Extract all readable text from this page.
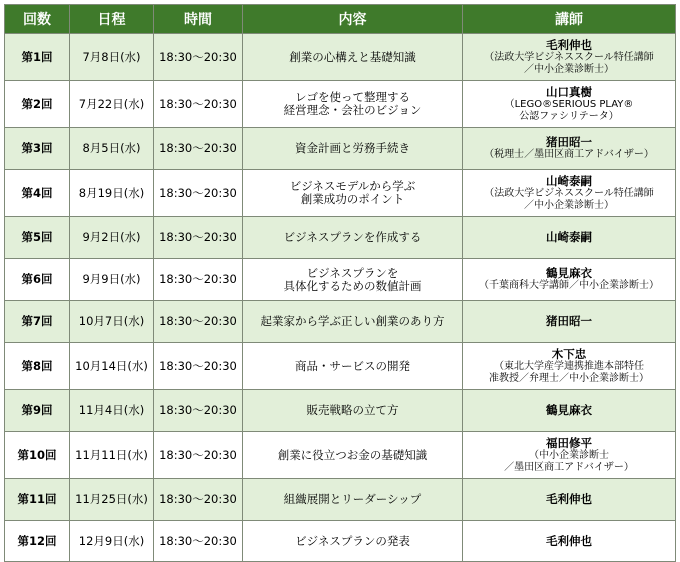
回数	日程	時間	内容	講師
第1回	7月8日(水)	18:30〜20:30	創業の心構えと基礎知識	毛利伸也
（法政大学ビジネススクール特任講師
／中小企業診断士）

第2回	7月22日(水)	18:30〜20:30	レゴを使って整理する
経営理念・会社のビジョン	山口真樹
（LEGO®SERIOUS PLAY®
公認ファシリテータ）

第3回	8月5日(水)	18:30〜20:30	資金計画と労務手続き	猪田昭一
（税理士／墨田区商工アドバイザー）

第4回	8月19日(水)	18:30〜20:30	ビジネスモデルから学ぶ
創業成功のポイント	山崎泰嗣
（法政大学ビジネススクール特任講師
／中小企業診断士）

第5回	9月2日(水)	18:30〜20:30	ビジネスプランを作成する	山崎泰嗣

第6回	9月9日(水)	18:30〜20:30	ビジネスプランを
具体化するための数値計画	鶴見麻衣
（千葉商科大学講師／中小企業診断士）

第7回	10月7日(水)	18:30〜20:30	起業家から学ぶ正しい創業のあり方	猪田昭一

第8回	10月14日(水)	18:30〜20:30	商品・サービスの開発	木下忠
（東北大学産学連携推進本部特任
准教授／弁理士／中小企業診断士）

第9回	11月4日(水)	18:30〜20:30	販売戦略の立て方	鶴見麻衣

第10回	11月11日(水)	18:30〜20:30	創業に役立つお金の基礎知識	福田修平
（中小企業診断士
／墨田区商工アドバイザー）

第11回	11月25日(水)	18:30〜20:30	組織展開とリーダーシップ	毛利伸也

第12回	12月9日(水)	18:30〜20:30	ビジネスプランの発表	毛利伸也
